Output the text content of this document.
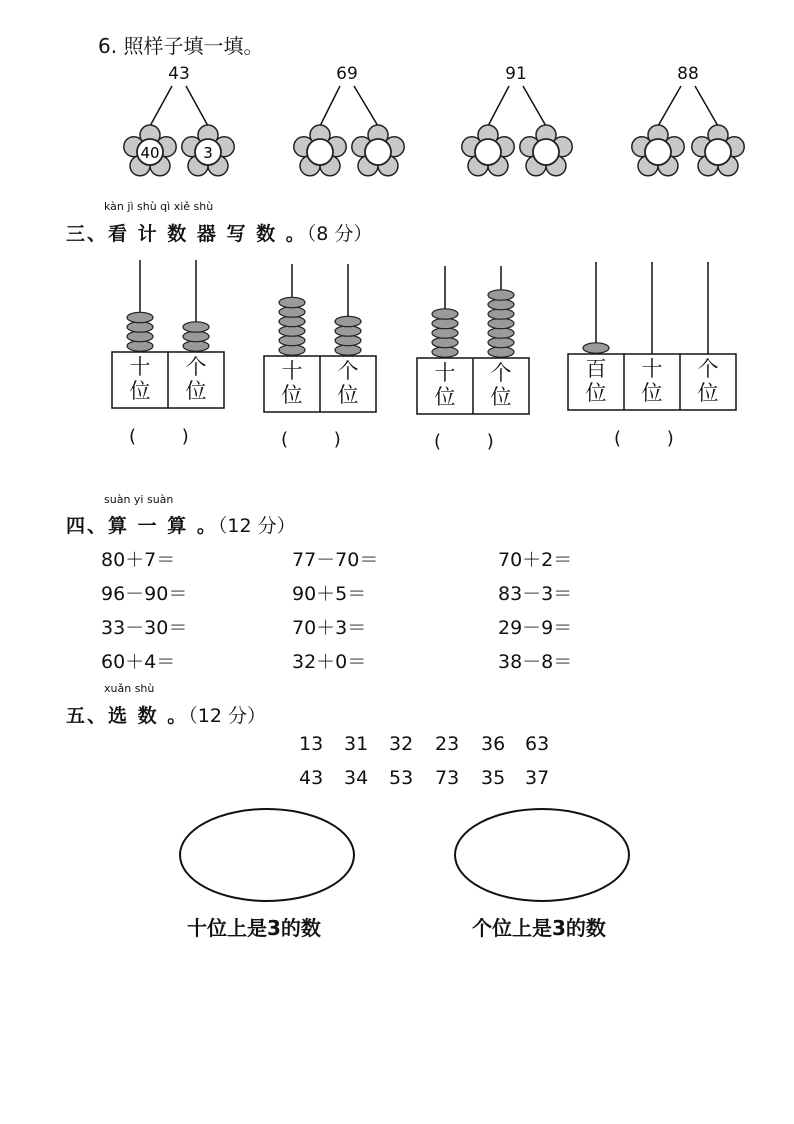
6. 照样子填一填。
40	3
43	69	91	88
kàn jì shù qì xiě shù
三、看 计 数 器 写 数 。（8 分）
十
位
个
位
十
位
个
位
十
位
个
位
百
位
十
位
个
位
(        )	(        )	(        )	(        )
suàn yi suàn
四、算 一 算 。（12 分）
80＋7＝	77－70＝	70＋2＝
96－90＝	90＋5＝	83－3＝
33－30＝	70＋3＝	29－9＝
60＋4＝	32＋0＝	38－8＝
xuǎn shù
五、选 数 。（12 分）
13 31 32 23 36 63
43 34 53 73 35 37
十位上是3的数	个位上是3的数
